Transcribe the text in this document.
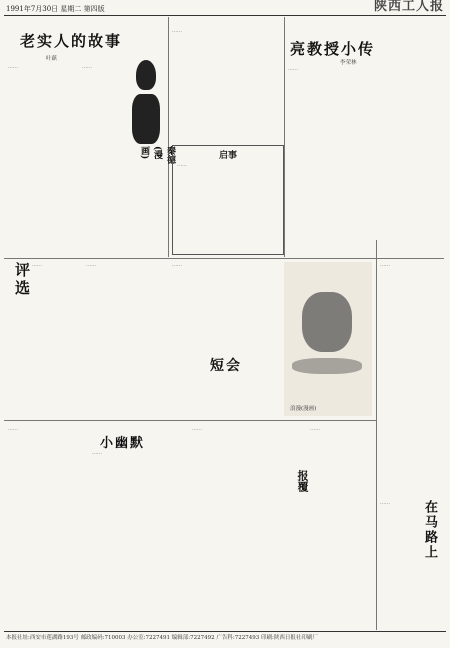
1991年7月30日 星期二 第四版	陕西工人报
老实人的故事
叶蕻
……	……
秦德(漫画)
亮教授小传
李荣林
……
……
启事
……
评选 ……	……	……
短会
浪漫(漫画)
……
小幽默
……
……
……
报覆
……
在马路上
……
本报社址:西安市莲湖路193号 邮政编码:710003 办公室:7227491 编辑部:7227492 广告科:7227493 印刷:陕西日报社印刷厂
